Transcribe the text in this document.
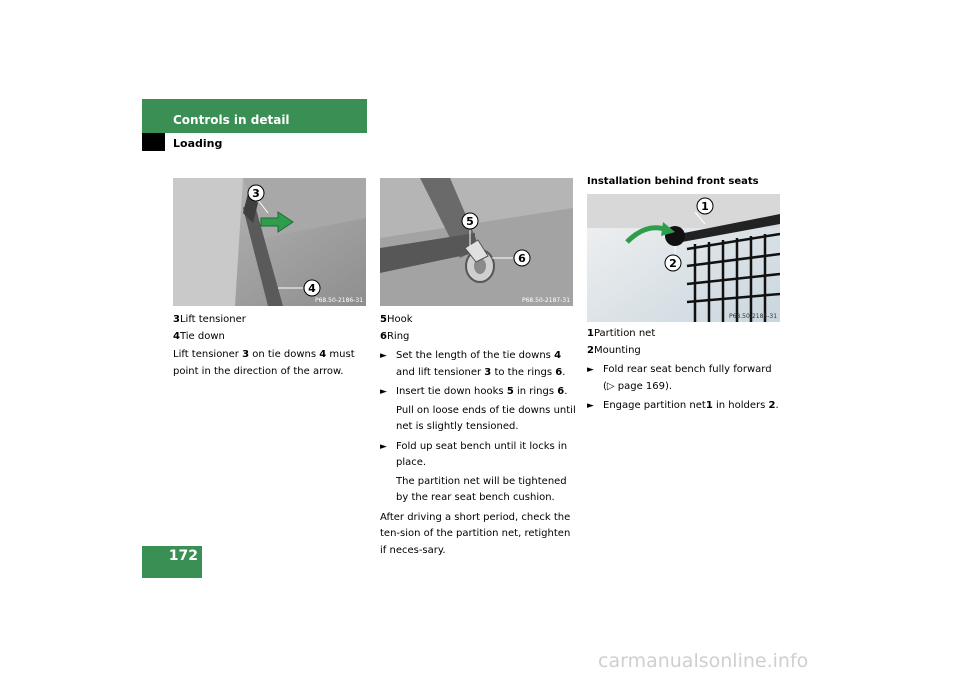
Controls in detail
Loading
3
4
P68.50-2186-31
5
6
P68.50-2187-31
1
2
P68.50-2185-31

3Lift tensioner

4Tie down

Lift tensioner 3 on tie downs 4 must point in the direction of the arrow.

5Hook

6Ring

► Set the length of the tie downs 4 and lift tensioner 3 to the rings 6.

► Insert tie down hooks 5 in rings 6.

Pull on loose ends of tie downs until net is slightly tensioned.

► Fold up seat bench until it locks in place.

The partition net will be tightened by the rear seat bench cushion.

After driving a short period, check the ten-sion of the partition net, retighten if neces-sary.

Installation behind front seats

1Partition net

2Mounting

► Fold rear seat bench fully forward
(▷ page 169).

► Engage partition net1 in holders 2.

172
carmanualsonline.info
